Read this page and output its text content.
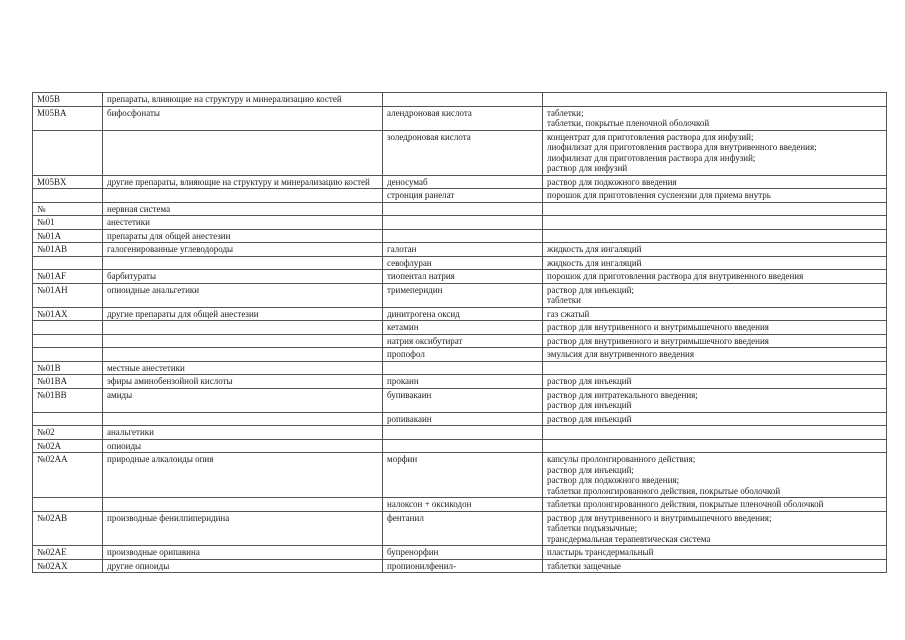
M05B	препараты, влияющие на структуру и минерализацию костей		
M05BA	бифосфонаты	алендроновая кислота	таблетки;
таблетки, покрытые пленочной оболочкой

		золедроновая кислота	концентрат для приготовления раствора для инфузий;
лиофилизат для приготовления раствора для внутривенного введения;
лиофилизат для приготовления раствора для инфузий;
раствор для инфузий

M05BX	другие препараты, влияющие на структуру и минерализацию костей	деносумаб	раствор для подкожного введения

		стронция ранелат	порошок для приготовления суспензии для приема внутрь

№	нервная система		
№01	анестетики		
№01A	препараты для общей анестезии		
№01AB	галогенированные углеводороды	галотан	жидкость для ингаляций

		севофлуран	жидкость для ингаляций

№01AF	барбитураты	тиопентал натрия	порошок для приготовления раствора для внутривенного введения

№01AH	опиоидные анальгетики	тримеперидин	раствор для инъекций;
таблетки

№01AX	другие препараты для общей анестезии	динитрогена оксид	газ сжатый

		кетамин	раствор для внутривенного и внутримышечного введения

		натрия оксибутират	раствор для внутривенного и внутримышечного введения

		пропофол	эмульсия для внутривенного введения

№01B	местные анестетики		
№01BA	эфиры аминобензойной кислоты	прокаин	раствор для инъекций

№01BB	амиды	бупивакаин	раствор для интратекального введения;
раствор для инъекций

		ропивакаин	раствор для инъекций

№02	анальгетики		
№02A	опиоиды		
№02AA	природные алкалоиды опия	морфин	капсулы пролонгированного действия;
раствор для инъекций;
раствор для подкожного введения;
таблетки пролонгированного действия, покрытые оболочкой

		налоксон + оксикодон	таблетки пролонгированного действия, покрытые пленочной оболочкой

№02AB	производные фенилпиперидина	фентанил	раствор для внутривенного и внутримышечного введения;
таблетки подъязычные;
трансдермальная терапевтическая система

№02AE	производные орипавина	бупренорфин	пластырь трансдермальный

№02AX	другие опиоиды	пропионилфенил-	таблетки защечные
